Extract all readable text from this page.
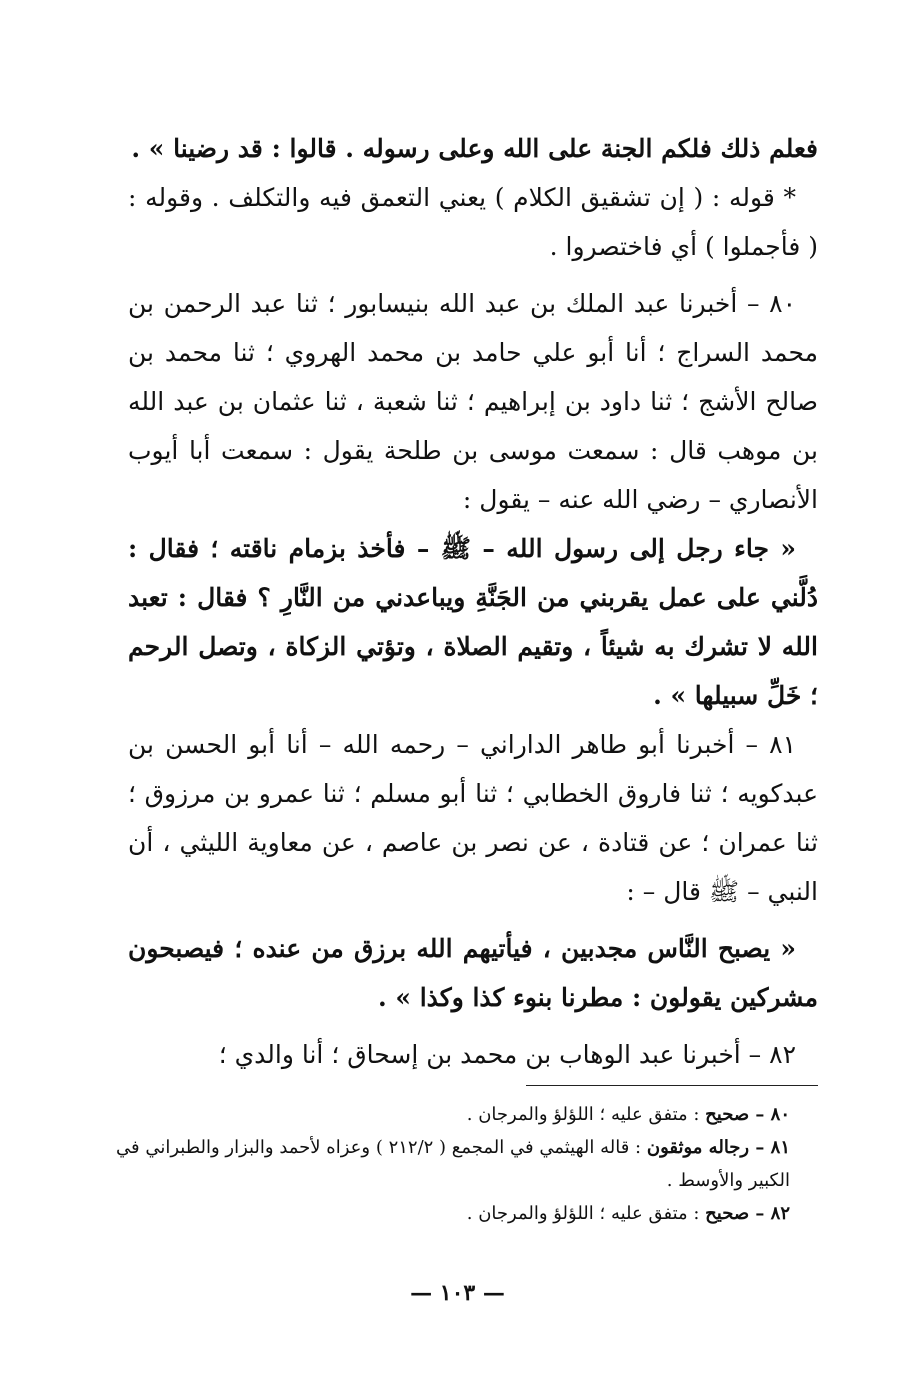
فعلم ذلك فلكم الجنة على الله وعلى رسوله . قالوا : قد رضينا » .

* قوله : ( إن تشقيق الكلام ) يعني التعمق فيه والتكلف . وقوله : ( فأجملوا ) أي فاختصروا .

٨٠ – أخبرنا عبد الملك بن عبد الله بنيسابور ؛ ثنا عبد الرحمن بن محمد السراج ؛ أنا أبو علي حامد بن محمد الهروي ؛ ثنا محمد بن صالح الأشج ؛ ثنا داود بن إبراهيم ؛ ثنا شعبة ، ثنا عثمان بن عبد الله بن موهب قال : سمعت موسى بن طلحة يقول : سمعت أبا أيوب الأنصاري – رضي الله عنه – يقول :

« جاء رجل إلى رسول الله – ﷺ – فأخذ بزمام ناقته ؛ فقال : دُلَّني على عمل يقربني من الجَنَّةِ ويباعدني من النَّارِ ؟ فقال : تعبد الله لا تشرك به شيئاً ، وتقيم الصلاة ، وتؤتي الزكاة ، وتصل الرحم ؛ خَلِّ سبيلها » .

٨١ – أخبرنا أبو طاهر الداراني – رحمه الله – أنا أبو الحسن بن عبدكويه ؛ ثنا فاروق الخطابي ؛ ثنا أبو مسلم ؛ ثنا عمرو بن مرزوق ؛ ثنا عمران ؛ عن قتادة ، عن نصر بن عاصم ، عن معاوية الليثي ، أن النبي – ﷺ قال – :

« يصبح النَّاس مجدبين ، فيأتيهم الله برزق من عنده ؛ فيصبحون مشركين يقولون : مطرنا بنوء كذا وكذا » .

٨٢ – أخبرنا عبد الوهاب بن محمد بن إسحاق ؛ أنا والدي ؛

٨٠ – صحيح : متفق عليه ؛ اللؤلؤ والمرجان .

٨١ – رجاله موثقون : قاله الهيثمي في المجمع ( ٢١٢/٢ ) وعزاه لأحمد والبزار والطبراني في الكبير والأوسط .

٨٢ – صحيح : متفق عليه ؛ اللؤلؤ والمرجان .

— ١٠٣ —
